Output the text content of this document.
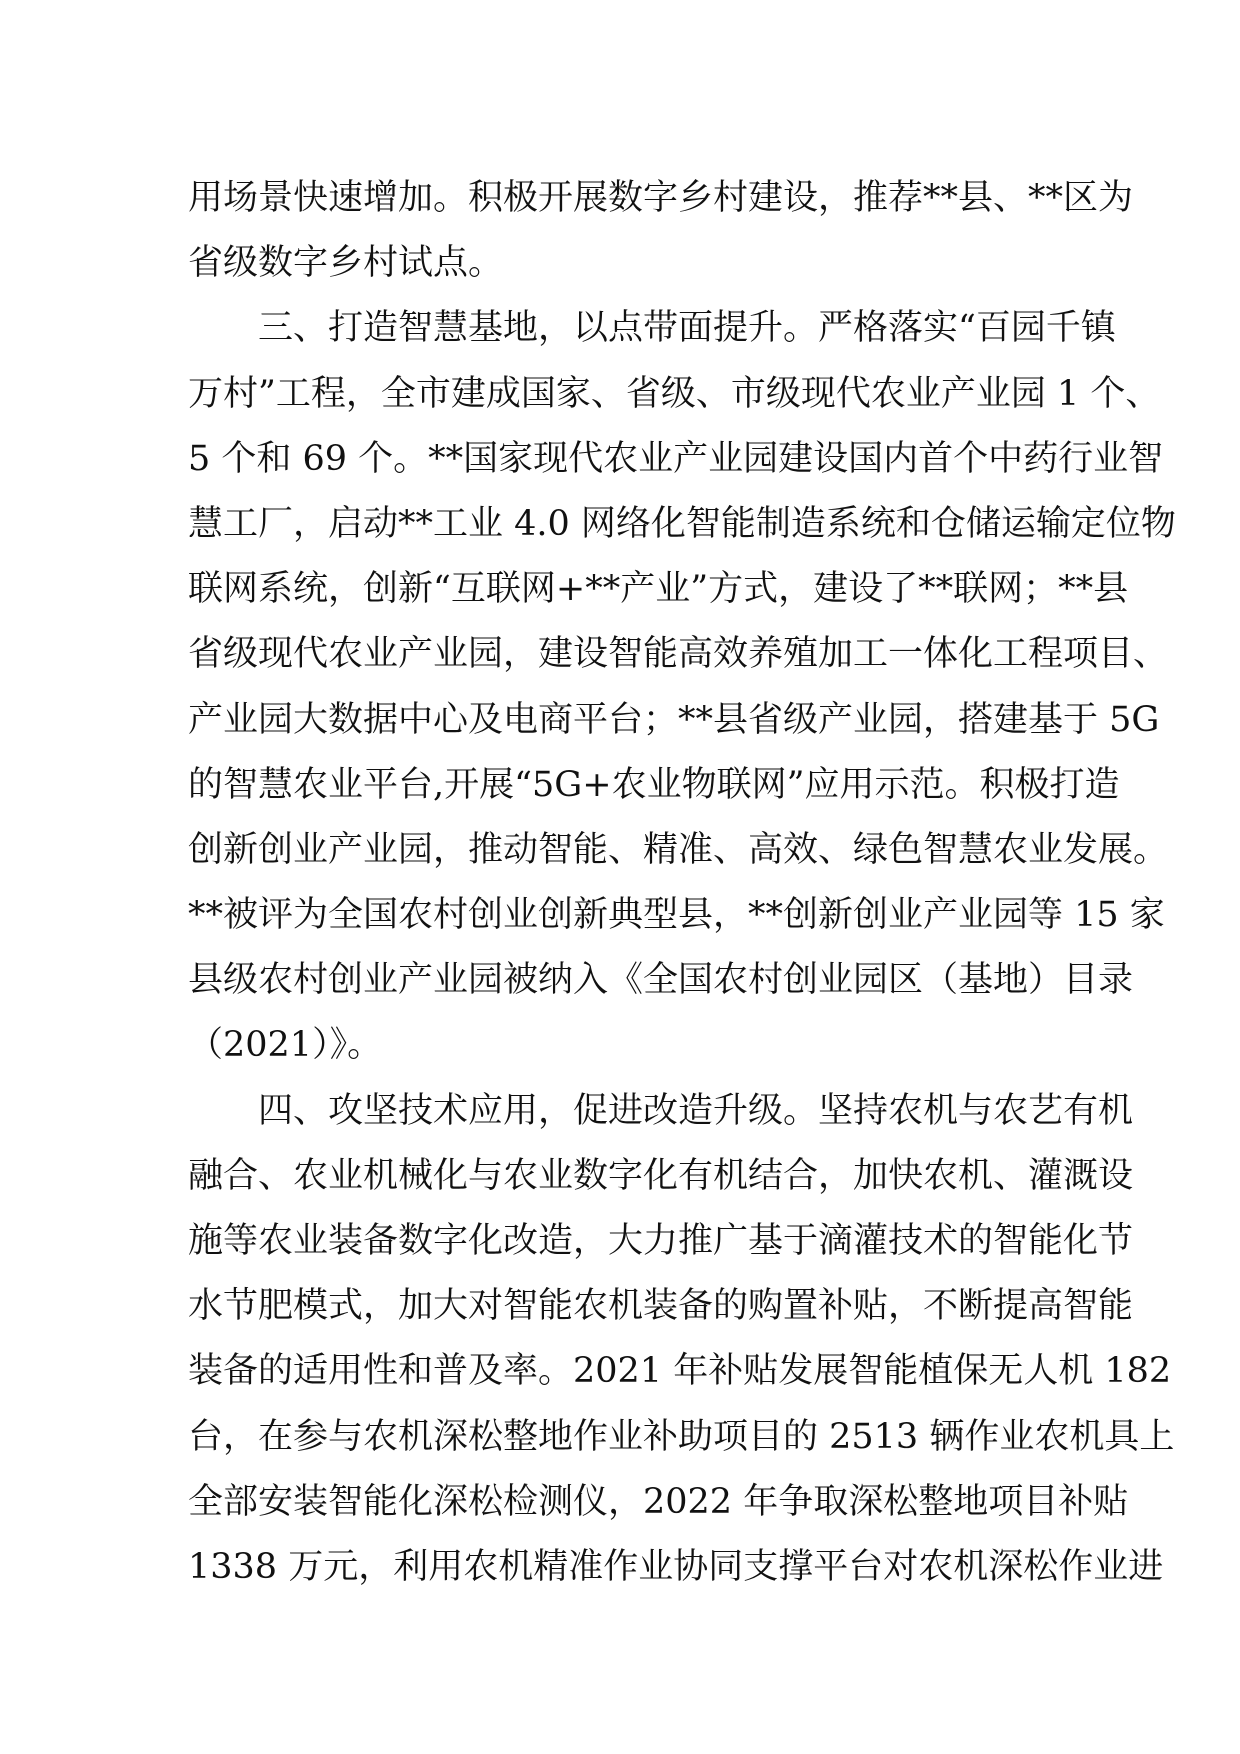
用场景快速增加。积极开展数字乡村建设，推荐**县、**区为
省级数字乡村试点。
三、打造智慧基地，以点带面提升。严格落实“百园千镇
万村”工程，全市建成国家、省级、市级现代农业产业园 1 个、
5 个和 69 个。**国家现代农业产业园建设国内首个中药行业智
慧工厂，启动**工业 4.0 网络化智能制造系统和仓储运输定位物
联网系统，创新“互联网+**产业”方式，建设了**联网；**县
省级现代农业产业园，建设智能高效养殖加工一体化工程项目、
产业园大数据中心及电商平台；**县省级产业园，搭建基于 5G
的智慧农业平台,开展“5G+农业物联网”应用示范。积极打造
创新创业产业园，推动智能、精准、高效、绿色智慧农业发展。
**被评为全国农村创业创新典型县，**创新创业产业园等 15 家
县级农村创业产业园被纳入《全国农村创业园区（基地）目录
（2021）》。
四、攻坚技术应用，促进改造升级。坚持农机与农艺有机
融合、农业机械化与农业数字化有机结合，加快农机、灌溉设
施等农业装备数字化改造，大力推广基于滴灌技术的智能化节
水节肥模式，加大对智能农机装备的购置补贴，不断提高智能
装备的适用性和普及率。2021 年补贴发展智能植保无人机 182
台，在参与农机深松整地作业补助项目的 2513 辆作业农机具上
全部安装智能化深松检测仪，2022 年争取深松整地项目补贴
1338 万元，利用农机精准作业协同支撑平台对农机深松作业进
